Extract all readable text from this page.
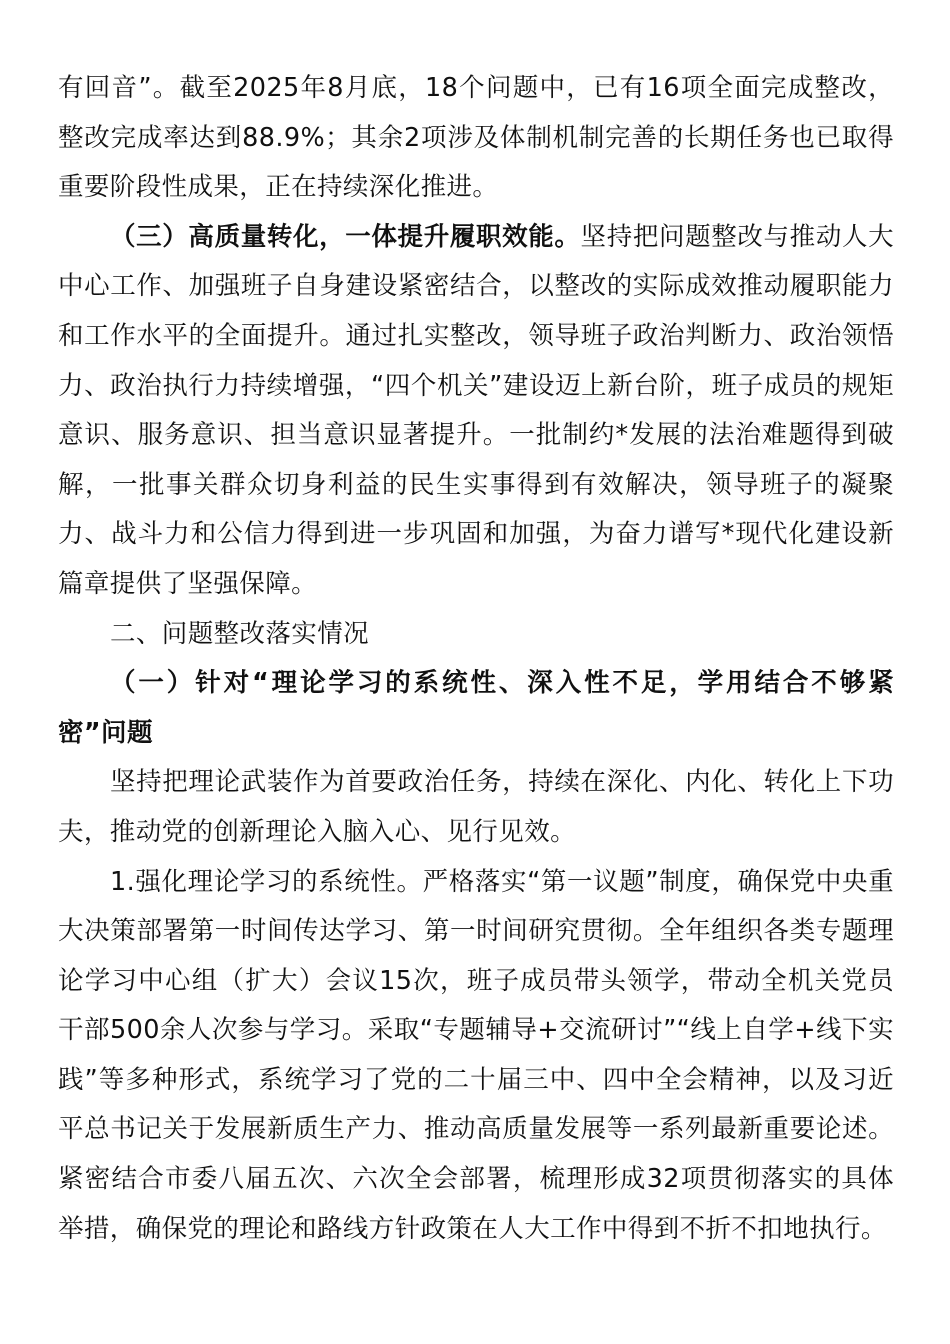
有回音”。截至2025年8月底，18个问题中，已有16项全面完成整改，整改完成率达到88.9%；其余2项涉及体制机制完善的长期任务也已取得重要阶段性成果，正在持续深化推进。

（三）高质量转化，一体提升履职效能。坚持把问题整改与推动人大中心工作、加强班子自身建设紧密结合，以整改的实际成效推动履职能力和工作水平的全面提升。通过扎实整改，领导班子政治判断力、政治领悟力、政治执行力持续增强，“四个机关”建设迈上新台阶，班子成员的规矩意识、服务意识、担当意识显著提升。一批制约*发展的法治难题得到破解，一批事关群众切身利益的民生实事得到有效解决，领导班子的凝聚力、战斗力和公信力得到进一步巩固和加强，为奋力谱写*现代化建设新篇章提供了坚强保障。

二、问题整改落实情况

（一）针对“理论学习的系统性、深入性不足，学用结合不够紧密”问题

坚持把理论武装作为首要政治任务，持续在深化、内化、转化上下功夫，推动党的创新理论入脑入心、见行见效。

1.强化理论学习的系统性。严格落实“第一议题”制度，确保党中央重大决策部署第一时间传达学习、第一时间研究贯彻。全年组织各类专题理论学习中心组（扩大）会议15次，班子成员带头领学，带动全机关党员干部500余人次参与学习。采取“专题辅导+交流研讨”“线上自学+线下实践”等多种形式，系统学习了党的二十届三中、四中全会精神，以及习近平总书记关于发展新质生产力、推动高质量发展等一系列最新重要论述。紧密结合市委八届五次、六次全会部署，梳理形成32项贯彻落实的具体举措，确保党的理论和路线方针政策在人大工作中得到不折不扣地执行。
